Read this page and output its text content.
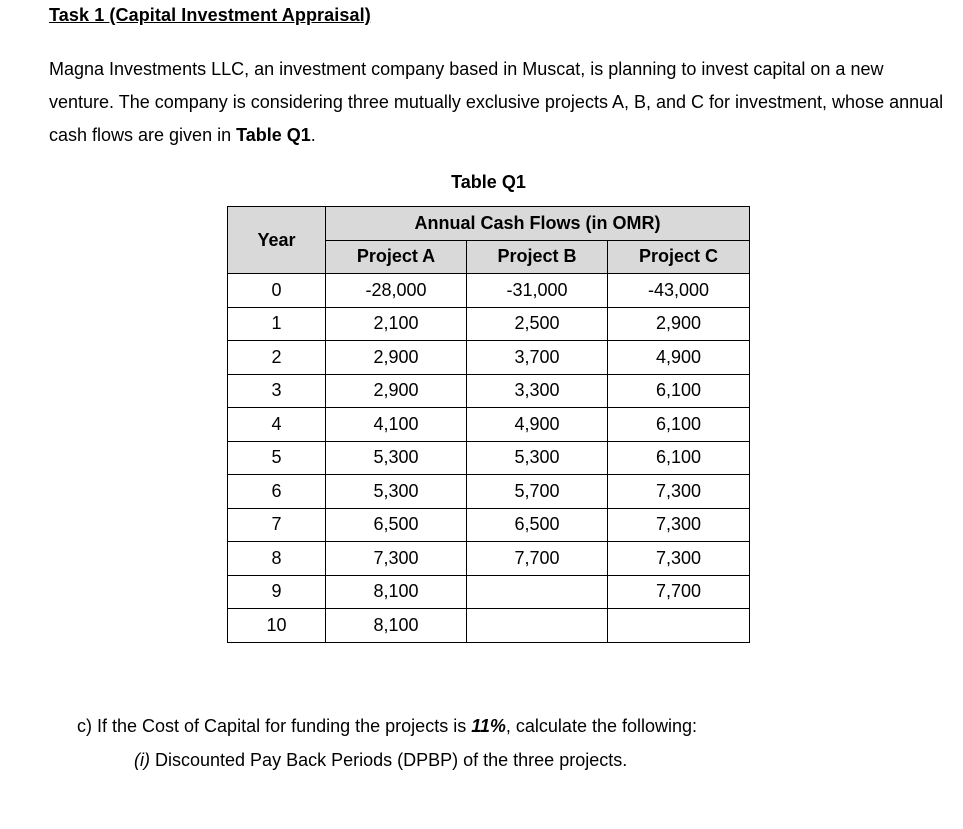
Task 1 (Capital Investment Appraisal)
Magna Investments LLC, an investment company based in Muscat, is planning to invest capital on a new venture. The company is considering three mutually exclusive projects A, B, and C for investment, whose annual cash flows are given in Table Q1.
Table Q1
Year	Annual Cash Flows (in OMR)		
	Project A	Project B	Project C
0	-28,000	-31,000	-43,000
1	2,100	2,500	2,900
2	2,900	3,700	4,900
3	2,900	3,300	6,100
4	4,100	4,900	6,100
5	5,300	5,300	6,100
6	5,300	5,700	7,300
7	6,500	6,500	7,300
8	7,300	7,700	7,300
9	8,100		7,700
10	8,100		
c) If the Cost of Capital for funding the projects is 11%, calculate the following:
(i) Discounted Pay Back Periods (DPBP) of the three projects.
